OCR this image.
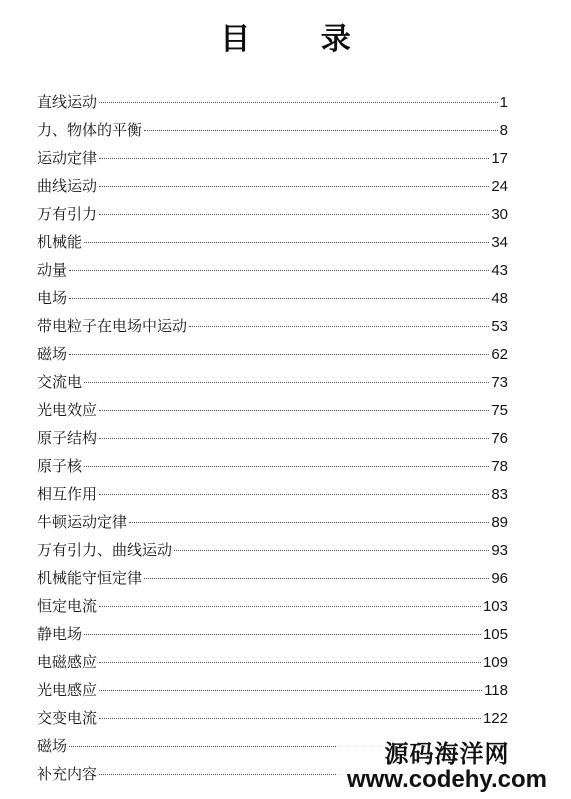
目 录
直线运动	1
力、物体的平衡	8
运动定律	17
曲线运动	24
万有引力	30
机械能	34
动量	43
电场	48
带电粒子在电场中运动	53
磁场	62
交流电	73
光电效应	75
原子结构	76
原子核	78
相互作用	83
牛顿运动定律	89
万有引力、曲线运动	93
机械能守恒定律	96
恒定电流	103
静电场	105
电磁感应	109
光电感应	118
交变电流	122
磁场
补充内容
源码海洋网
www.codehy.com
